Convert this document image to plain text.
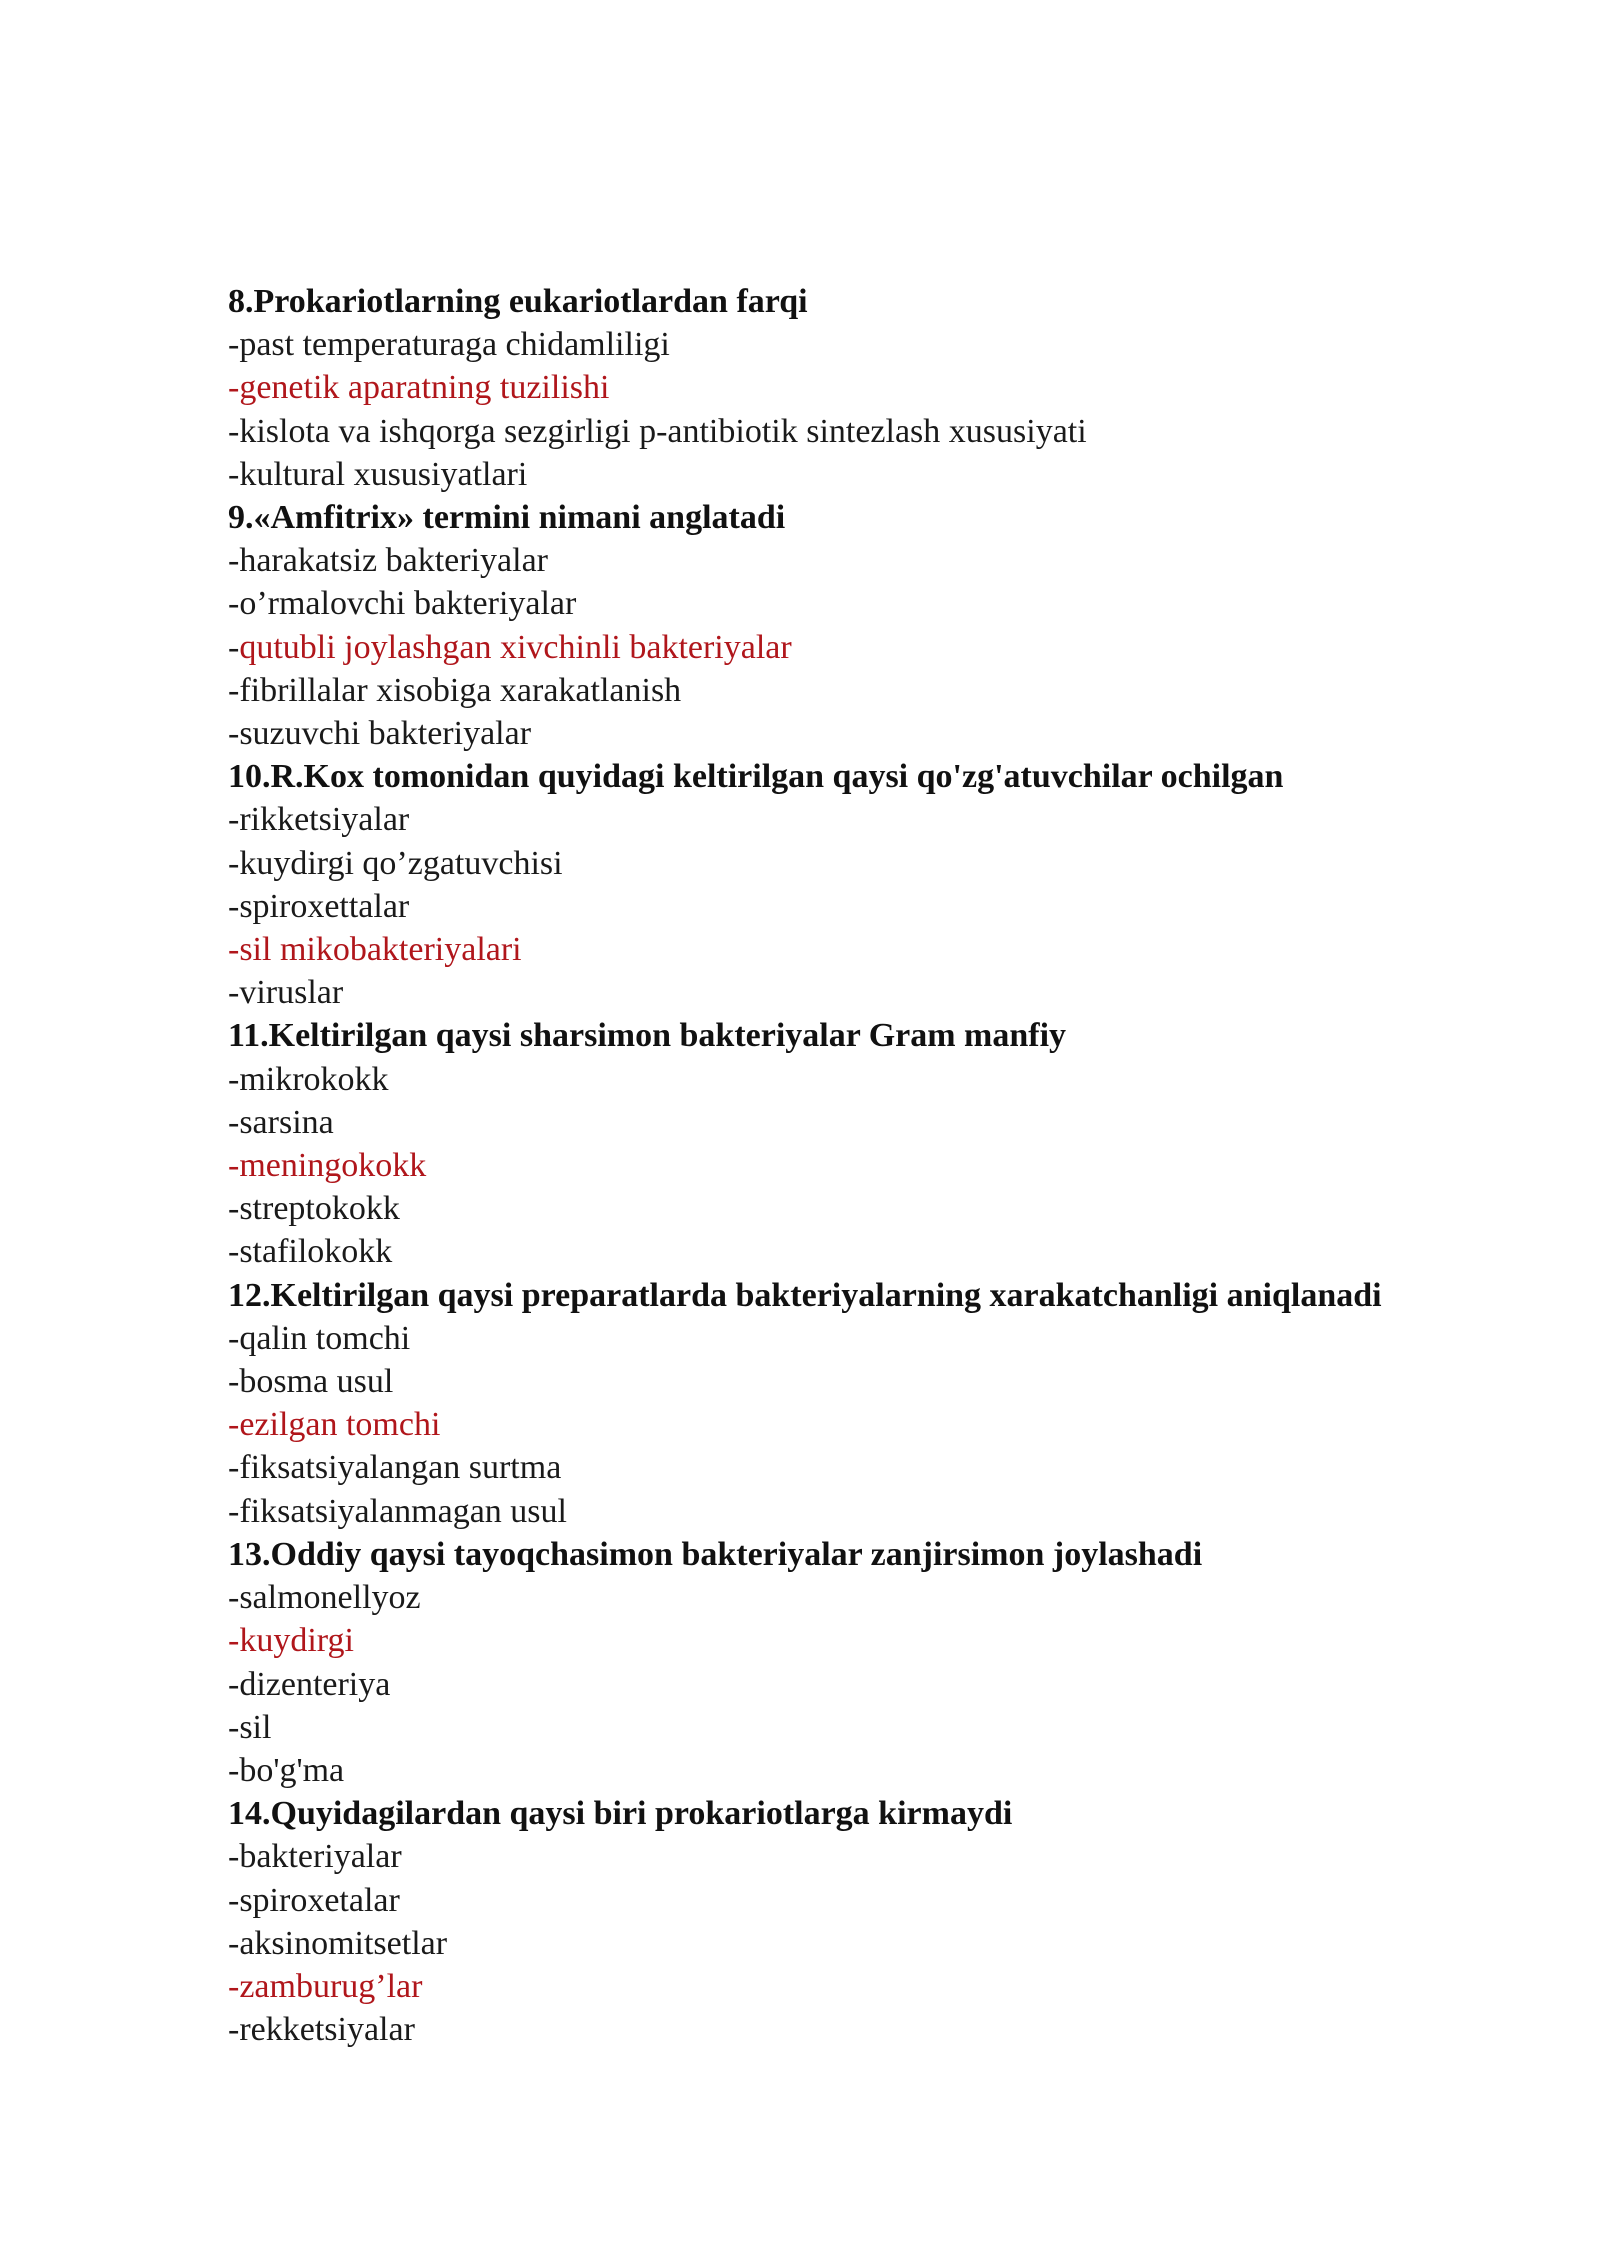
8.Prokariotlarning eukariotlardan farqi
-past temperaturaga chidamliligi
-genetik aparatning tuzilishi
-kislota va ishqorga sezgirligi p-antibiotik sintezlash xususiyati
-kultural xususiyatlari
9.«Amfitrix» termini nimani anglatadi
-harakatsiz bakteriyalar
-o’rmalovchi bakteriyalar
-qutubli joylashgan xivchinli bakteriyalar
-fibrillalar xisobiga xarakatlanish
-suzuvchi bakteriyalar
10.R.Kox tomonidan quyidagi keltirilgan qaysi qo'zg'atuvchilar ochilgan
-rikketsiyalar
-kuydirgi qo’zgatuvchisi
-spiroxettalar
-sil mikobakteriyalari
-viruslar
11.Keltirilgan qaysi sharsimon bakteriyalar Gram manfiy
-mikrokokk
-sarsina
-meningokokk
-streptokokk
-stafilokokk
12.Keltirilgan qaysi preparatlarda bakteriyalarning xarakatchanligi aniqlanadi
-qalin tomchi
-bosma usul
-ezilgan tomchi
-fiksatsiyalangan surtma
-fiksatsiyalanmagan usul
13.Oddiy qaysi tayoqchasimon bakteriyalar zanjirsimon joylashadi
-salmonellyoz
-kuydirgi
-dizenteriya
-sil
-bo'g'ma
14.Quyidagilardan qaysi biri prokariotlarga kirmaydi
-bakteriyalar
-spiroxetalar
-aksinomitsetlar
-zamburug’lar
-rekketsiyalar
